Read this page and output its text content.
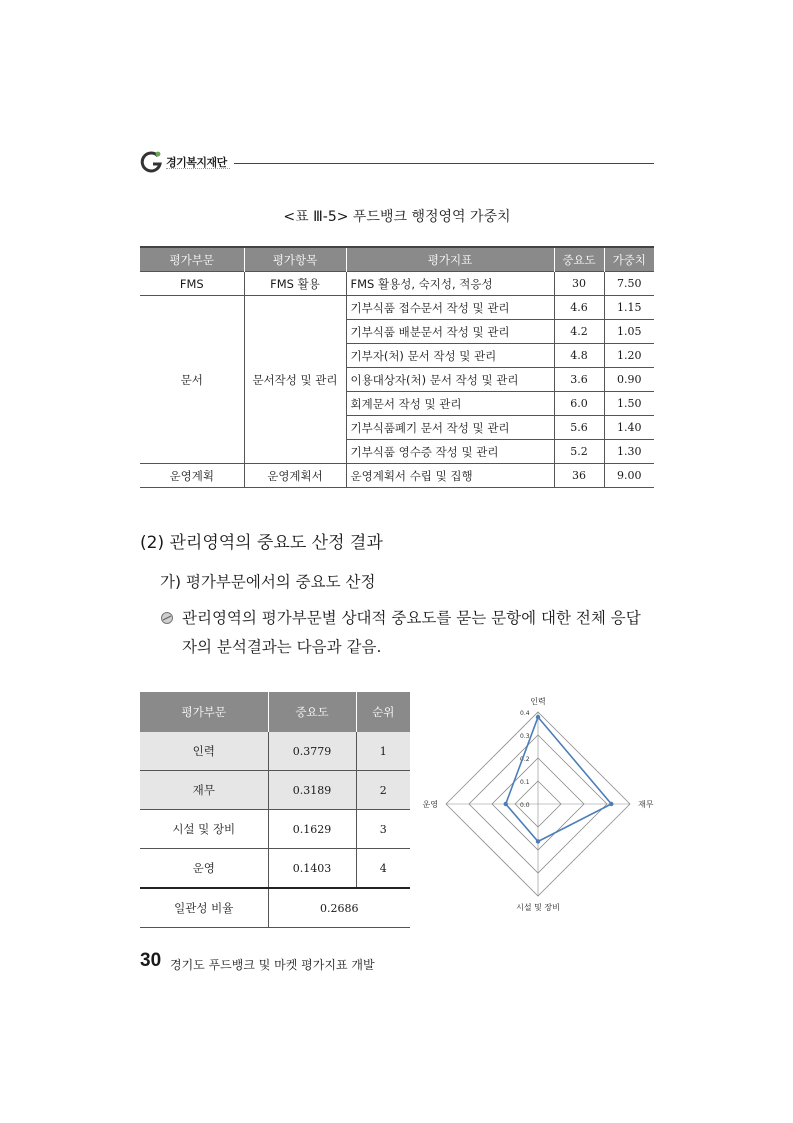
경기복지재단
<표 Ⅲ-5> 푸드뱅크 행정영역 가중치
평가부문	평가항목	평가지표	중요도	가중치
FMS	FMS 활용	FMS 활용성, 숙지성, 적응성	30	7.50
문서	문서작성 및 관리	기부식품 접수문서 작성 및 관리	4.6	1.15
		기부식품 배분문서 작성 및 관리	4.2	1.05
		기부자(처) 문서 작성 및 관리	4.8	1.20
		이용대상자(처) 문서 작성 및 관리	3.6	0.90
		회계문서 작성 및 관리	6.0	1.50
		기부식품폐기 문서 작성 및 관리	5.6	1.40
		기부식품 영수증 작성 및 관리	5.2	1.30
운영계획	운영계획서	운영계획서 수립 및 집행	36	9.00
(2) 관리영역의 중요도 산정 결과
가) 평가부문에서의 중요도 산정
관리영역의 평가부문별 상대적 중요도를 묻는 문항에 대한 전체 응답자의 분석결과는 다음과 같음.
평가부문	중요도	순위
인력	0.3779	1
재무	0.3189	2
시설 및 장비	0.1629	3
운영	0.1403	4
일관성 비율	0.2686	
0.0
0.1
0.2
0.3
0.4
인력
재무
시설 및 장비
운영
30 경기도 푸드뱅크 및 마켓 평가지표 개발
